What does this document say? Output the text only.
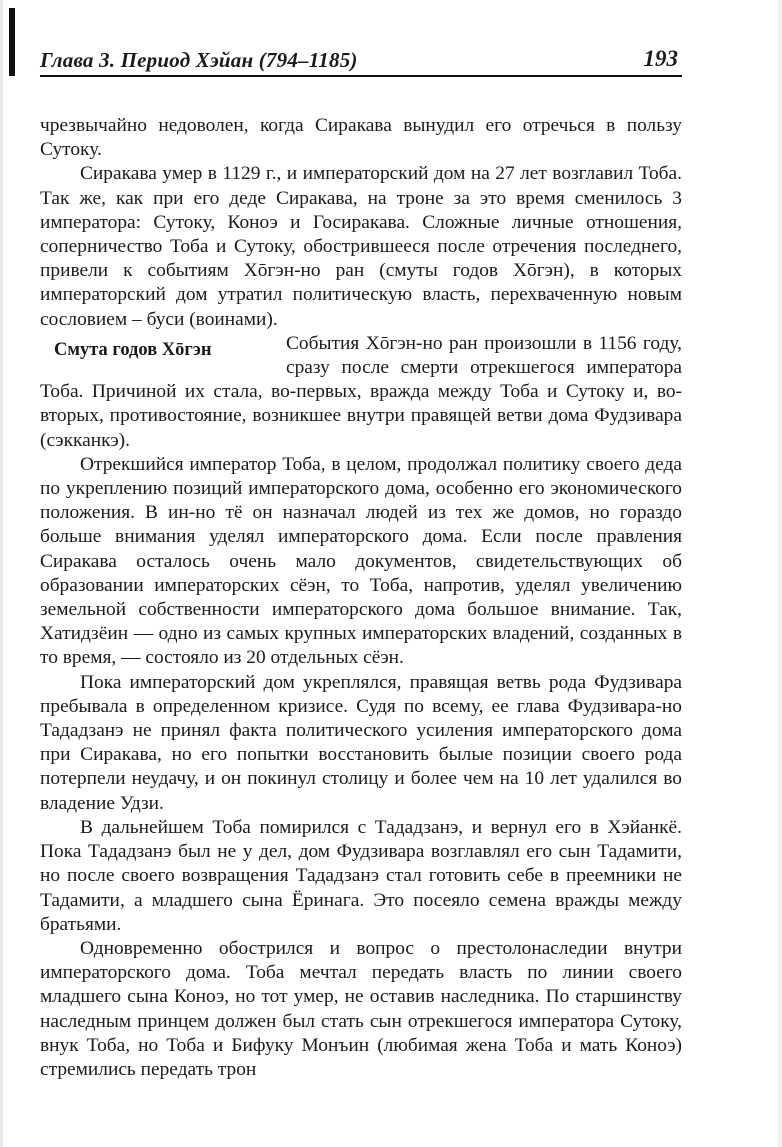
Глава 3. Период Хэйан (794–1185)	193

чрезвычайно недоволен, когда Сиракава вынудил его отречься в пользу Сутоку.

Сиракава умер в 1129 г., и императорский дом на 27 лет возглавил Тоба. Так же, как при его деде Сиракава, на троне за это время сменилось 3 императора: Сутоку, Коноэ и Госиракава. Сложные личные отношения, соперничество Тоба и Сутоку, обострившееся после отречения последнего, привели к событиям Хōгэн-но ран (смуты годов Хōгэн), в которых императорский дом утратил политическую власть, перехваченную новым сословием – буси (воинами).

Смута годов Хōгэн	События Хōгэн-но ран произошли в 1156 году, сразу после смерти отрекшегося императора Тоба. Причиной их стала, во-первых, вражда между Тоба и Сутоку и, во-вторых, противостояние, возникшее внутри правящей ветви дома Фудзивара (сэкканкэ).

Отрекшийся император Тоба, в целом, продолжал политику своего деда по укреплению позиций императорского дома, особенно его экономического положения. В ин-но тё он назначал людей из тех же домов, но гораздо больше внимания уделял императорского дома. Если после правления Сиракава осталось очень мало документов, свидетельствующих об образовании императорских сёэн, то Тоба, напротив, уделял увеличению земельной собственности императорского дома большое внимание. Так, Хатидзёин — одно из самых крупных императорских владений, созданных в то время, — состояло из 20 отдельных сёэн.

Пока императорский дом укреплялся, правящая ветвь рода Фудзивара пребывала в определенном кризисе. Судя по всему, ее глава Фудзивара-но Тададзанэ не принял факта политического усиления императорского дома при Сиракава, но его попытки восстановить былые позиции своего рода потерпели неудачу, и он покинул столицу и более чем на 10 лет удалился во владение Удзи.

В дальнейшем Тоба помирился с Тададзанэ, и вернул его в Хэйанкё. Пока Тададзанэ был не у дел, дом Фудзивара возглавлял его сын Тадамити, но после своего возвращения Тададзанэ стал готовить себе в преемники не Тадамити, а младшего сына Ёринага. Это посеяло семена вражды между братьями.

Одновременно обострился и вопрос о престолонаследии внутри императорского дома. Тоба мечтал передать власть по линии своего младшего сына Коноэ, но тот умер, не оставив наследника. По старшинству наследным принцем должен был стать сын отрекшегося императора Сутоку, внук Тоба, но Тоба и Бифуку Монъин (любимая жена Тоба и мать Коноэ) стремились передать трон
